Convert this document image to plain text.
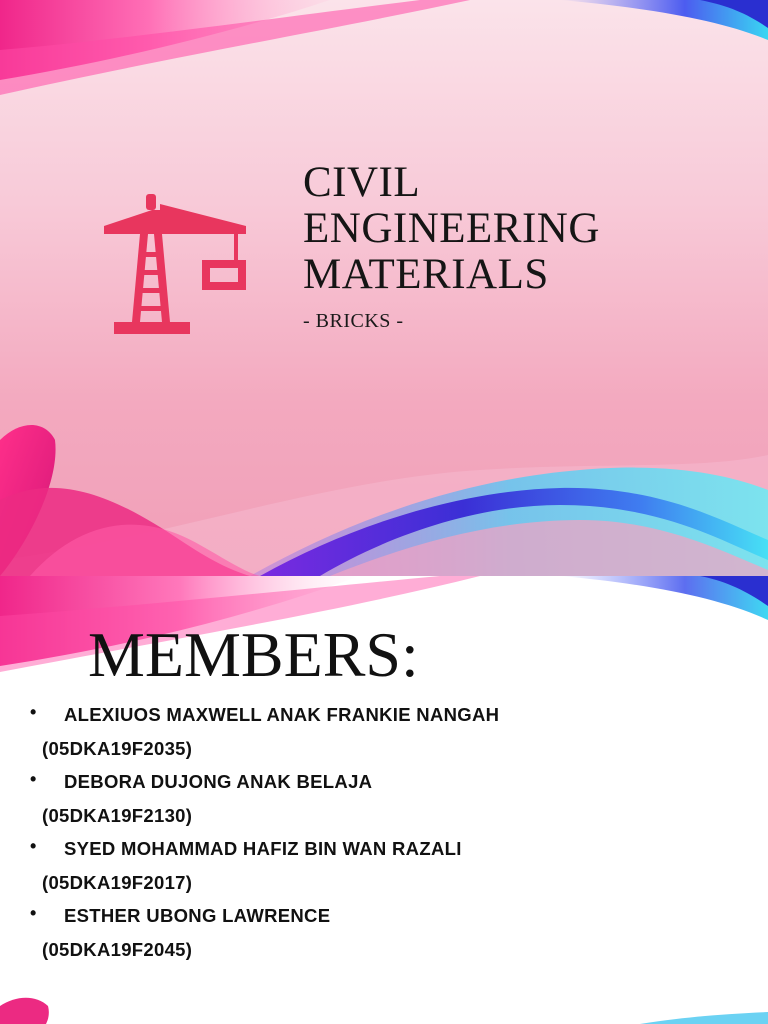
CIVIL
ENGINEERING
MATERIALS
- BRICKS -
MEMBERS:
• ALEXIUOS MAXWELL ANAK FRANKIE NANGAH
(05DKA19F2035)
• DEBORA DUJONG ANAK BELAJA
(05DKA19F2130)
• SYED MOHAMMAD HAFIZ BIN WAN RAZALI
(05DKA19F2017)
• ESTHER UBONG LAWRENCE
(05DKA19F2045)
